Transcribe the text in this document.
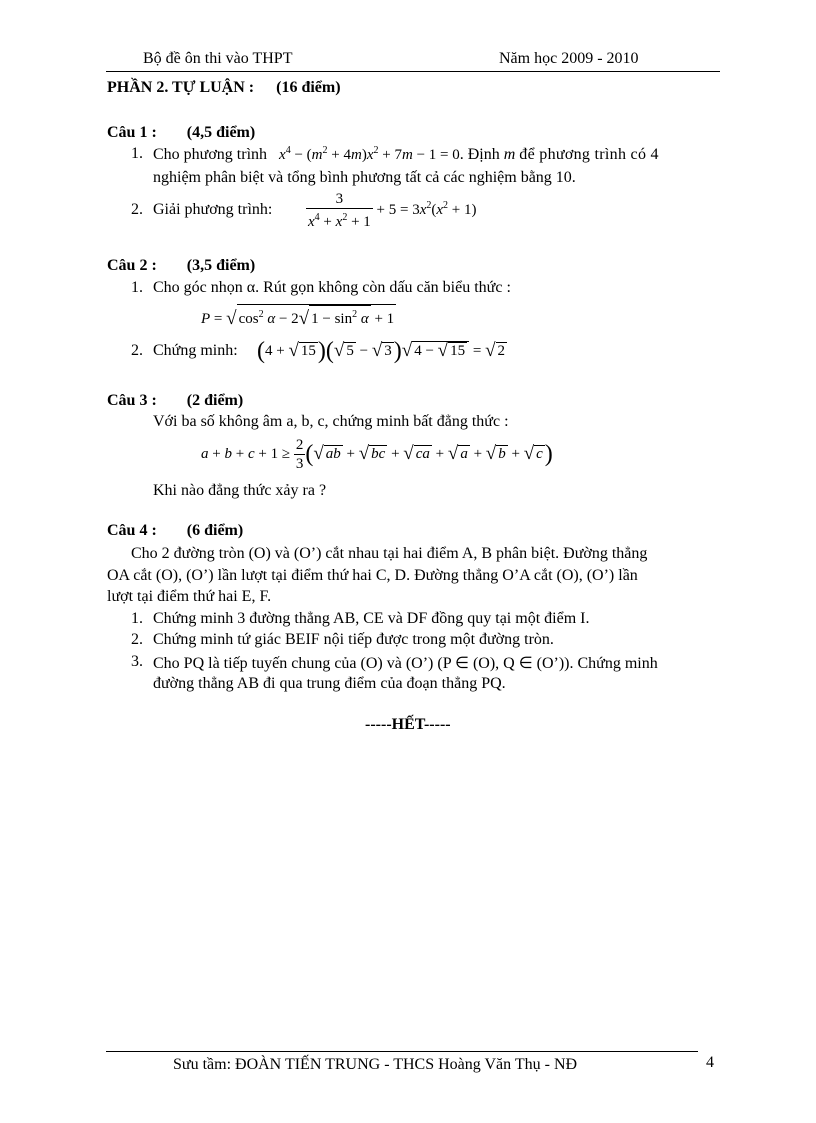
Bộ đề ôn thi vào THPT	Năm học 2009 - 2010
PHẦN 2. TỰ LUẬN : (16 điểm)
Câu 1 : (4,5 điểm)
1. Cho phương trình $x^4 - (m^2 + 4m)x^2 + 7m - 1 = 0$. Định m để phương trình có 4
nghiệm phân biệt và tổng bình phương tất cả các nghiệm bằng 10.
2. Giải phương trình: $\frac{3}{x^4 + x^2 + 1} + 5 = 3x^2(x^2 + 1)$
Câu 2 : (3,5 điểm)
1. Cho góc nhọn α. Rút gọn không còn dấu căn biểu thức :
P = √ $\cos^2 \alpha - 2√$ $1 - \sin^2 \alpha + 1$
2. Chứng minh: (4 + √ 15)(√ 5 − √ 3)√ 4 − √ 15 = √ 2
Câu 3 : (2 điểm)
Với ba số không âm a, b, c, chứng minh bất đẳng thức :
$a + b + c + 1 \ge \frac{2}{3}$ (√ ab + √ bc + √ ca + √ a + √ b + √ c)
Khi nào đẳng thức xảy ra ?
Câu 4 : (6 điểm)
Cho 2 đường tròn (O) và (O’) cắt nhau tại hai điểm A, B phân biệt. Đường thẳng
OA cắt (O), (O’) lần lượt tại điểm thứ hai C, D. Đường thẳng O’A cắt (O), (O’) lần
lượt tại điểm thứ hai E, F.
1. Chứng minh 3 đường thẳng AB, CE và DF đồng quy tại một điểm I.
2. Chứng minh tứ giác BEIF nội tiếp được trong một đường tròn.
3. Cho PQ là tiếp tuyến chung của (O) và (O’) (P ∈ (O), Q ∈ (O’)). Chứng minh
đường thẳng AB đi qua trung điểm của đoạn thẳng PQ.
-----HẾT-----
Sưu tầm: ĐOÀN TIẾN TRUNG - THCS Hoàng Văn Thụ - NĐ	4
